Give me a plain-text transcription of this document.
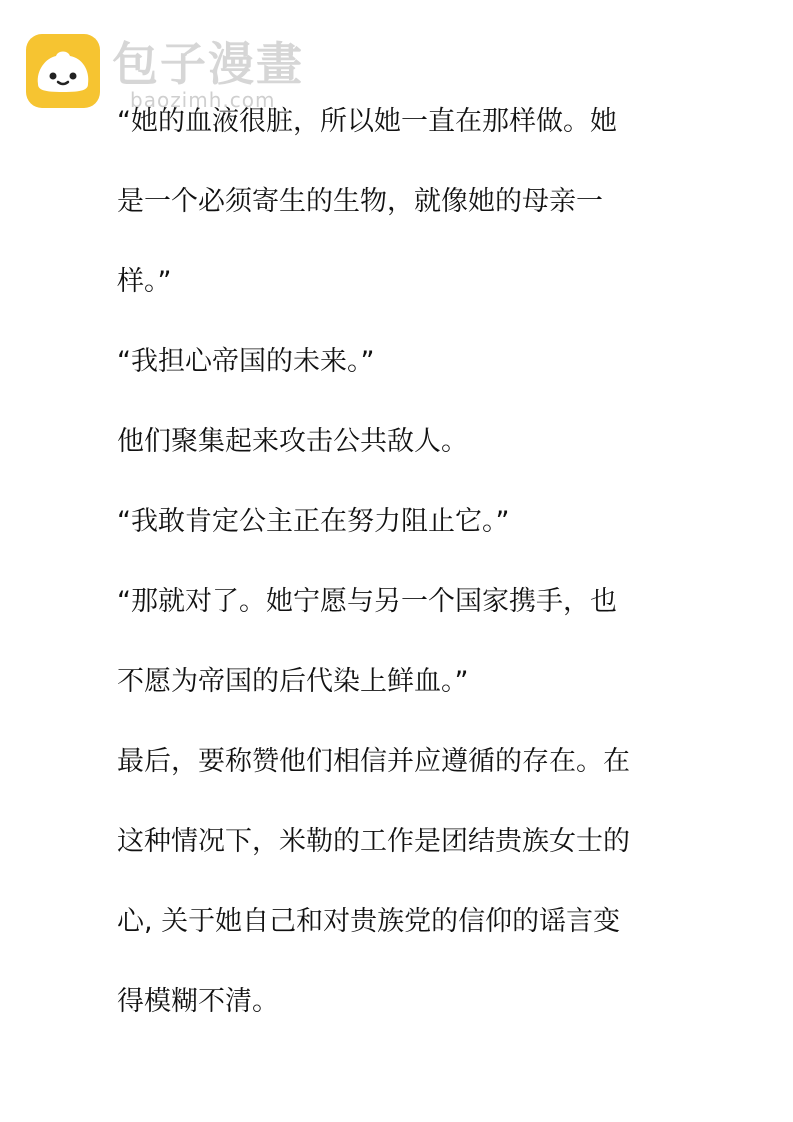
包子漫畫
baozimh.com

“她的血液很脏，所以她一直在那样做。她

是一个必须寄生的生物，就像她的母亲一

样。”

“我担心帝国的未来。”

他们聚集起来攻击公共敌人。

“我敢肯定公主正在努力阻止它。”

“那就对了。她宁愿与另一个国家携手，也

不愿为帝国的后代染上鲜血。”

最后，要称赞他们相信并应遵循的存在。在

这种情况下，米勒的工作是团结贵族女士的

心, 关于她自己和对贵族党的信仰的谣言变

得模糊不清。
